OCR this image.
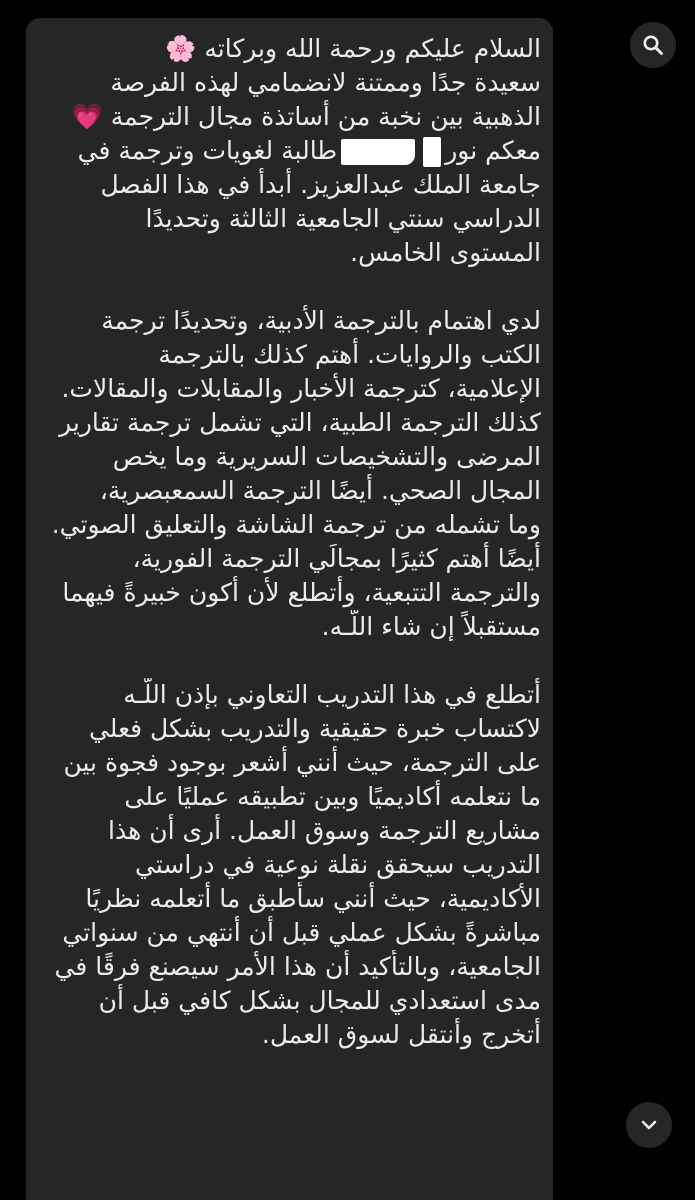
السلام عليكم ورحمة الله وبركاته 🌸
سعيدة جدًا وممتنة لانضمامي لهذه الفرصة
الذهبية بين نخبة من أساتذة مجال الترجمة 💗
معكم نورطالبة لغويات وترجمة في
جامعة الملك عبدالعزيز. أبدأ في هذا الفصل
الدراسي سنتي الجامعية الثالثة وتحديدًا
المستوى الخامس.
لدي اهتمام بالترجمة الأدبية، وتحديدًا ترجمة
الكتب والروايات. أهتم كذلك بالترجمة
الإعلامية، كترجمة الأخبار والمقابلات والمقالات.
كذلك الترجمة الطبية، التي تشمل ترجمة تقارير
المرضى والتشخيصات السريرية وما يخص
المجال الصحي. أيضًا الترجمة السمعبصرية،
وما تشمله من ترجمة الشاشة والتعليق الصوتي.
أيضًا أهتم كثيرًا بمجالَي الترجمة الفورية،
والترجمة التتبعية، وأتطلع لأن أكون خبيرةً فيهما
مستقبلاً إن شاء اللّـه.
أتطلع في هذا التدريب التعاوني بإذن اللّـه
لاكتساب خبرة حقيقية والتدريب بشكل فعلي
على الترجمة، حيث أنني أشعر بوجود فجوة بين
ما نتعلمه أكاديميًا وبين تطبيقه عمليًا على
مشاريع الترجمة وسوق العمل. أرى أن هذا
التدريب سيحقق نقلة نوعية في دراستي
الأكاديمية، حيث أنني سأطبق ما أتعلمه نظريًا
مباشرةً بشكل عملي قبل أن أنتهي من سنواتي
الجامعية، وبالتأكيد أن هذا الأمر سيصنع فرقًا في
مدى استعدادي للمجال بشكل كافي قبل أن
أتخرج وأنتقل لسوق العمل.
